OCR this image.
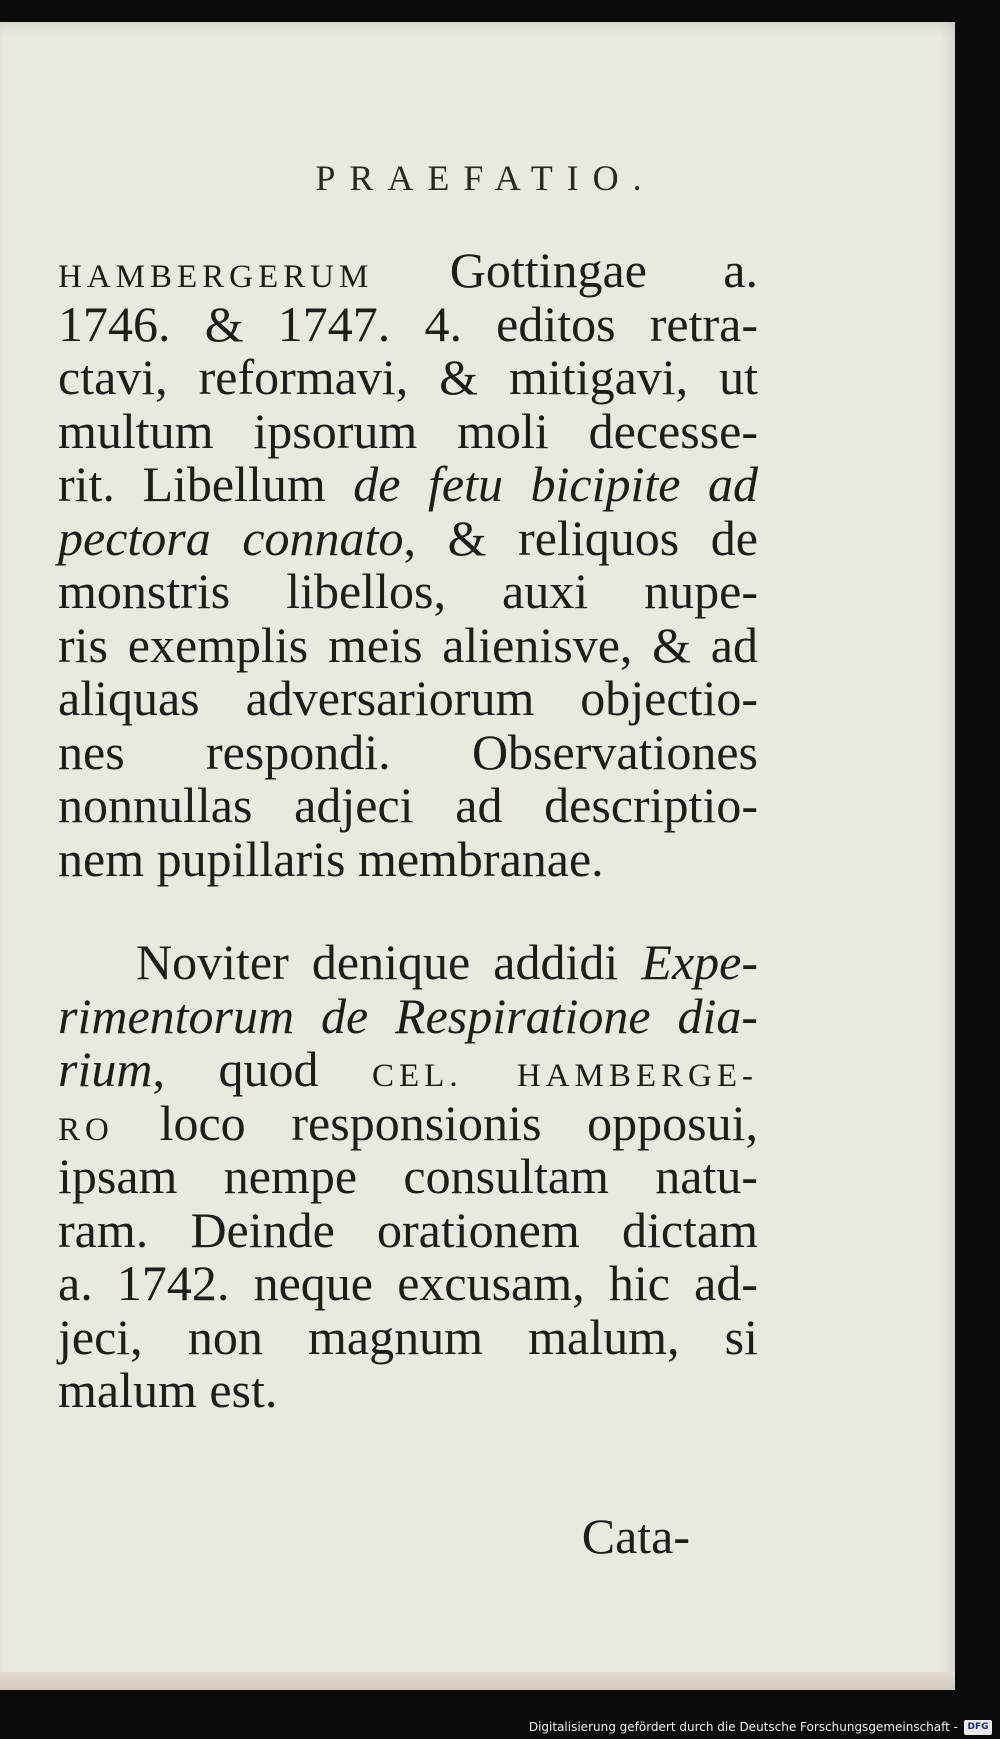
PRAEFATIO.
HAMBERGERUM Gottingae a.
1746. & 1747. 4. editos retra-
ctavi, reformavi, & mitigavi, ut
multum ipsorum moli decesse-
rit. Libellum de fetu bicipite ad
pectora connato, & reliquos de
monstris libellos, auxi nupe-
ris exemplis meis alienisve, & ad
aliquas adversariorum objectio-
nes respondi. Observationes
nonnullas adjeci ad descriptio-
nem pupillaris membranae.
Noviter denique addidi Expe-
rimentorum de Respiratione dia-
rium, quod CEL. HAMBERGE-
RO loco responsionis opposui,
ipsam nempe consultam natu-
ram. Deinde orationem dictam
a. 1742. neque excusam, hic ad-
jeci, non magnum malum, si
malum est.
Cata-
Digitalisierung gefördert durch die Deutsche Forschungsgemeinschaft -	DFG
